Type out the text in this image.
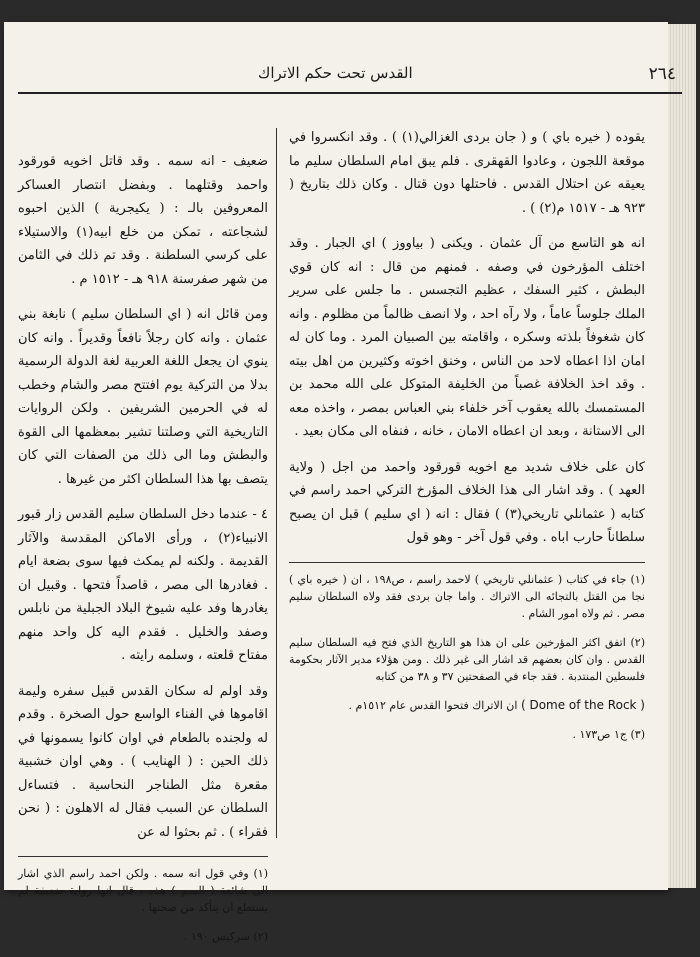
٢٦٤
القدس تحت حكم الاتراك

يقوده ( خيره باي ) و ( جان بردى الغزالي(١) ) . وقد انكسروا في موقعة اللجون ، وعادوا القهقرى . فلم يبق امام السلطان سليم ما يعيقه عن احتلال القدس . فاحتلها دون قتال . وكان ذلك بتاريخ ( ٩٢٣ هـ - ١٥١٧ م(٢) ) .

انه هو التاسع من آل عثمان . ويكنى ( بياووز ) اي الجبار . وقد اختلف المؤرخون في وصفه . فمنهم من قال : انه كان قوي البطش ، كثير السفك ، عظيم التجسس . ما جلس على سرير الملك جلوساً عاماً ، ولا رآه احد ، ولا انصف ظالماً من مظلوم . وانه كان شغوفاً بلذته وسكره ، واقامته بين الصبيان المرد . وما كان له امان اذا اعطاه لاحد من الناس ، وخنق اخوته وكثيرين من اهل بيته . وقد اخذ الخلافة غصباً من الخليفة المتوكل على الله محمد بن المستمسك بالله يعقوب آخر خلفاء بني العباس بمصر ، واخذه معه الى الاستانة ، وبعد ان اعطاه الامان ، خانه ، فنفاه الى مكان بعيد .

كان على خلاف شديد مع اخويه قورقود واحمد من اجل ( ولاية العهد ) . وقد اشار الى هذا الخلاف المؤرخ التركي احمد راسم في كتابه ( عثمانلي تاريخي(٣) ) فقال : انه ( اي سليم ) قبل ان يصبح سلطاناً حارب اباه . وفي قول آخر - وهو قول

(١) جاء في كتاب ( عثمانلي تاريخي ) لاحمد راسم ، ص١٩٨ ، ان ( خيره باي ) نجا من القتل بالتجائه الى الاتراك . واما جان بردى فقد ولاه السلطان سليم مصر . ثم ولاه امور الشام .

(٢) اتفق اكثر المؤرخين على ان هذا هو التاريخ الذي فتح فيه السلطان سليم القدس . وان كان بعضهم قد اشار الى غير ذلك . ومن هؤلاء مدير الآثار بحكومة فلسطين المنتدبة . فقد جاء في الصفحتين ٣٧ و ٣٨ من كتابه

( Dome of the Rock ) ان الاتراك فتحوا القدس عام ١٥١٢م .

(٣) ج١ ص١٧٣ .

ضعيف - انه سمه . وقد قاتل اخويه قورقود واحمد وقتلهما . وبفضل انتصار العساكر المعروفين بالـ : ( يكيجرية ) الذين احبوه لشجاعته ، تمكن من خلع ابيه(١) والاستيلاء على كرسي السلطنة . وقد تم ذلك في الثامن من شهر صفرسنة ٩١٨ هـ - ١٥١٢ م .

ومن قائل انه ( اي السلطان سليم ) نابغة بني عثمان . وانه كان رجلاً نافعاً وقديراً . وانه كان ينوي ان يجعل اللغة العربية لغة الدولة الرسمية بدلا من التركية يوم افتتح مصر والشام وخطب له في الحرمين الشريفين . ولكن الروايات التاريخية التي وصلتنا تشير بمعظمها الى القوة والبطش وما الى ذلك من الصفات التي كان يتصف بها هذا السلطان اكثر من غيرها .

٤ - عندما دخل السلطان سليم القدس زار قبور الانبياء(٢) ، ورأى الاماكن المقدسة والآثار القديمة . ولكنه لم يمكث فيها سوى بضعة ايام . فغادرها الى مصر ، قاصداً فتحها . وقبيل ان يغادرها وفد عليه شيوخ البلاد الجبلية من نابلس وصفد والخليل . فقدم اليه كل واحد منهم مفتاح قلعته ، وسلمه رايته .

وقد اولم له سكان القدس قبيل سفره وليمة اقاموها في الفناء الواسع حول الصخرة . وقدم له ولجنده بالطعام في اوان كانوا يسمونها في ذلك الحين : ( الهنايب ) . وهي اوان خشبية مقعرة مثل الطناجر النحاسية . فتساءل السلطان عن السبب فقال له الاهلون : ( نحن فقراء ) . ثم بحثوا له عن

(١) وفي قول انه سمه . ولكن احمد راسم الذي اشار الى شائعة ( السم ) هذه ، قال انها رواية ضعيفة لم يستطع ان يتأكد من صحتها .

(٢) سركيس ١٩٠ .
